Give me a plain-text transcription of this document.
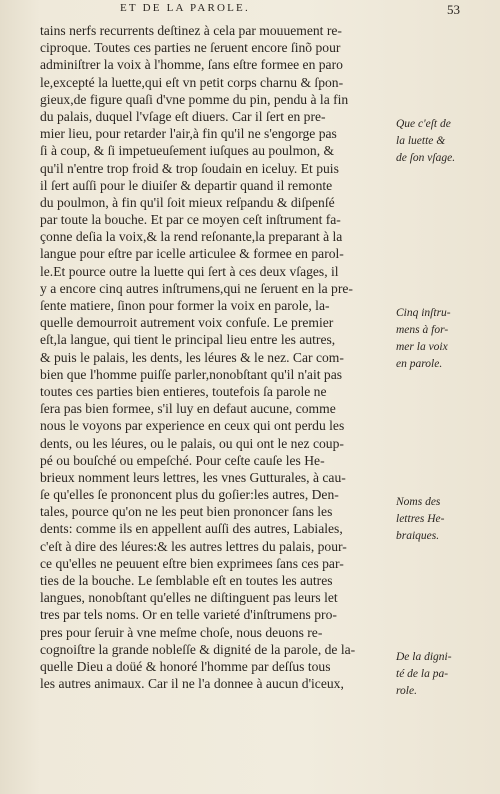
ET DE LA PAROLE.	53
tains nerfs recurrents deſtinez à cela par mouuement re-
ciproque. Toutes ces parties ne ſeruent encore ſinõ pour
adminiſtrer la voix à l'homme, ſans eſtre formee en paro
le,excepté la luette,qui eſt vn petit corps charnu & ſpon-
gieux,de figure quaſi d'vne pomme du pin, pendu à la fin
du palais, duquel l'vſage eſt diuers. Car il ſert en pre-
mier lieu, pour retarder l'air,à fin qu'il ne s'engorge pas
ſi à coup, & ſi impetueuſement iuſques au poulmon, &
qu'il n'entre trop froid & trop ſoudain en iceluy. Et puis
il ſert auſſi pour le diuiſer & departir quand il remonte
du poulmon, à fin qu'il ſoit mieux reſpandu & diſpenſé
par toute la bouche. Et par ce moyen ceſt inſtrument fa-
çonne deſia la voix,& la rend reſonante,la preparant à la
langue pour eſtre par icelle articulee & formee en parol-
le.Et pource outre la luette qui ſert à ces deux vſages, il
y a encore cinq autres inſtrumens,qui ne ſeruent en la pre-
ſente matiere, ſinon pour former la voix en parole, la-
quelle demourroit autrement voix confuſe. Le premier
eſt,la langue, qui tient le principal lieu entre les autres,
& puis le palais, les dents, les léures & le nez. Car com-
bien que l'homme puiſſe parler,nonobſtant qu'il n'ait pas
toutes ces parties bien entieres, toutefois ſa parole ne
ſera pas bien formee, s'il luy en defaut aucune, comme
nous le voyons par experience en ceux qui ont perdu les
dents, ou les léures, ou le palais, ou qui ont le nez coup-
pé ou bouſché ou empeſché. Pour ceſte cauſe les He-
brieux nomment leurs lettres, les vnes Gutturales, à cau-
ſe qu'elles ſe prononcent plus du goſier:les autres, Den-
tales, pource qu'on ne les peut bien prononcer ſans les
dents: comme ils en appellent auſſi des autres, Labiales,
c'eſt à dire des léures:& les autres lettres du palais, pour-
ce qu'elles ne peuuent eſtre bien exprimees ſans ces par-
ties de la bouche. Le ſemblable eſt en toutes les autres
langues, nonobſtant qu'elles ne diſtinguent pas leurs let
tres par tels noms. Or en telle varieté d'inſtrumens pro-
pres pour ſeruir à vne meſme choſe, nous deuons re-
cognoiſtre la grande nobleſſe & dignité de la parole, de la-
quelle Dieu a doüé & honoré l'homme par deſſus tous
les autres animaux. Car il ne l'a donnee à aucun d'iceux,
Que c'eſt de
la luette &
de ſon vſage.
Cinq inſtru-
mens à for-
mer la voix
en parole.
Noms des
lettres He-
braiques.
De la digni-
té de la pa-
role.
